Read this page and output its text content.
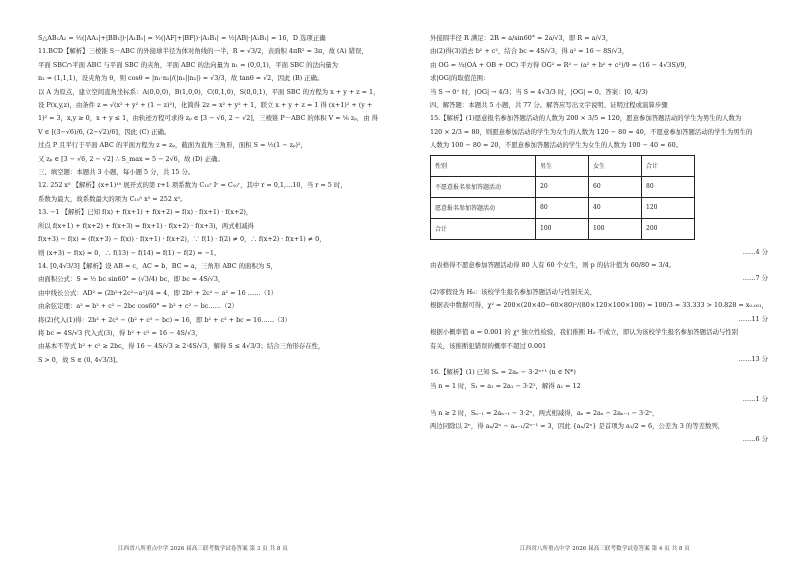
S△AB₁A₂ = ½(|AA₁|+|BB₁|)·|A₁B₁| = ½(|AF|+|BF|)·|A₁B₁| = ½|AB|·|A₁B₁| = 16，D 选项正确
11.BCD【解析】三棱锥 S－ABC 的外接球半径为体对角线的一半，R = √3/2，表面积 4πR² = 3π，故 (A) 错误，
平面 SBC∩平面 ABC 与平面 SBC 的夹角，平面 ABC 的法向量为 n₁ = (0,0,1)，平面 SBC 的法向量为
n₂ = (1,1,1)，设夹角为 θ，则 cosθ = |n₁·n₂|/(|n₁||n₂|) = √3/3，故 tanθ = √2，因此 (B) 正确。
以 A 为原点，建立空间直角坐标系：A(0,0,0)，B(1,0,0)，C(0,1,0)，S(0,0,1)，平面 SBC 的方程为 x + y + z = 1，
设 P(x,y,z)，由条件 z = √(x² + y² + (1 − z)²)，化简得 2z = x² + y² + 1，联立 x + y + z = 1 得 (x+1)² + (y +
1)² = 3，x,y ≥ 0，x + y ≤ 1，由轨迹方程可求得 zₚ ∈ [3 − √6, 2 − √2]，三棱锥 P－ABC 的体积 V = ⅙ zₚ，由 得
V ∈ [(3−√6)/6, (2−√2)/6]，因此 (C) 正确。
过点 P 且平行于平面 ABC 的平面方程为 z = zₚ，截面为直角三角形，面积 S = ½(1 − zₚ)²，
又 zₚ ∈ [3 − √6, 2 − √2] ∴ S_max = 5 − 2√6，故 (D) 正确。
三、填空题：本题共 3 小题，每小题 5 分，共 15 分。
12. 252 x⁵ 【解析】(x+1)¹⁰ 展开式的第 r+1 项系数为 C₁₀ʳ Iʳ = C₁₀ʳ，其中 r = 0,1,…10，当 r = 5 时，
系数为最大，故系数最大的项为 C₁₀⁵ x⁵ = 252 x⁵。
13. −1 【解析】已知 f(x) + f(x+1) + f(x+2) = f(x) · f(x+1) · f(x+2)，
所以 f(x+1) + f(x+2) + f(x+3) = f(x+1) · f(x+2) · f(x+3)，两式相减得
f(x+3) − f(x) = (f(x+3) − f(x)) · f(x+1) · f(x+2)，∵ f(1) · f(2) ≠ 0，∴ f(x+2) · f(x+1) ≠ 0，
则 (x+3) − f(x) = 0，∴ f(13) − f(14) = f(1) − f(2) = −1。
14. [0,4√3/3]【解析】设 AB = c，AC = b，BC = a，三角形 ABC 的面积为 S，
由面积公式：S = ½ bc sin60° = (√3/4) bc，即 bc = 4S/√3，
由中线长公式：AD² = (2b²+2c²−a²)/4 = 4，即 2b² + 2c² − a² = 16 ……（1）
由余弦定理：a² = b² + c² − 2bc cos60° = b² + c² − bc……（2）
将(2)代入(1)得：2b² + 2c² − (b² + c² − bc) = 16，即 b² + c² + bc = 16……（3）
将 bc = 4S/√3 代入式(3)，得 b² + c² = 16 − 4S/√3，
由基本不等式 b² + c² ≥ 2bc，得 16 − 4S/√3 ≥ 2·4S/√3，解得 S ≤ 4√3/3；结合三角形存在性，
S > 0，故 S ∈ (0, 4√3/3]。
江西省八所重点中学 2026 届高三联考数学试卷答案 第 3 页 共 8 页
外接圆半径 R 满足：2R = a/sin60° = 2a/√3，即 R = a/√3，
由(2)得(3)消去 b² + c²，结合 bc = 4S/√3，得 a² = 16 − 8S/√3，
由 OG = ⅓(OA + OB + OC) 平方得 OG² = R² − (a² + b² + c²)/9 = (16 − 4√3S)/9，
求|OG|的取值范围：
当 S → 0⁺ 时，|OG| → 4/3；当 S = 4√3/3 时，|OG| = 0。答案：[0, 4/3)
四、解答题：本题共 5 小题，共 77 分。解答应写出文字说明、证明过程或演算步骤
15.【解析】(1)愿意报名参加答题活动的人数为 200 × 3/5 = 120，愿意参加答题活动的学生为男生的人数为
120 × 2/3 = 80，则愿意参加活动的学生为女生的人数为 120 − 80 = 40，不愿意参加答题活动的学生为男生的
人数为 100 − 80 = 20，不愿意参加答题活动的学生为女生的人数为 100 − 40 = 60。
性别	男生	女生	合计
不愿意报名参加答题活动	20	60	80
愿意报名参加答题活动	80	40	120
合计	100	100	200
……4 分
由表格得不愿意参加答题活动得 80 人有 60 个女生，则 p 的估计值为 60/80 = 3/4。
……7 分
(2)零假设为 H₀：该校学生报名参加答题活动与性别无关，
根据表中数据可得，χ² = 200×(20×40−60×80)²/(80×120×100×100) = 100/3 ≈ 33.333 > 10.828 = x₀.₀₀₁，
……11 分
根据小概率值 α = 0.001 的 χ² 独立性检验，我们推断 H₀ 不成立，即认为该校学生报名参加答题活动与性别
有关，该推断犯错误的概率不超过 0.001
……13 分
16.【解析】(1) 已知 Sₙ = 2aₙ − 3·2ⁿ⁺¹ (n ∈ N*)
当 n = 1 时，S₁ = a₁ = 2a₁ − 3·2²，解得 a₁ = 12
……1 分
当 n ≥ 2 时，Sₙ₋₁ = 2aₙ₋₁ − 3·2ⁿ，两式相减得，aₙ = 2aₙ − 2aₙ₋₁ − 3·2ⁿ，
两边同除以 2ⁿ，得 aₙ/2ⁿ − aₙ₋₁/2ⁿ⁻¹ = 3，因此 {aₙ/2ⁿ} 是首项为 a₁/2 = 6，公差为 3 的等差数列，
……6 分
江西省八所重点中学 2026 届高三联考数学试卷答案 第 4 页 共 8 页
